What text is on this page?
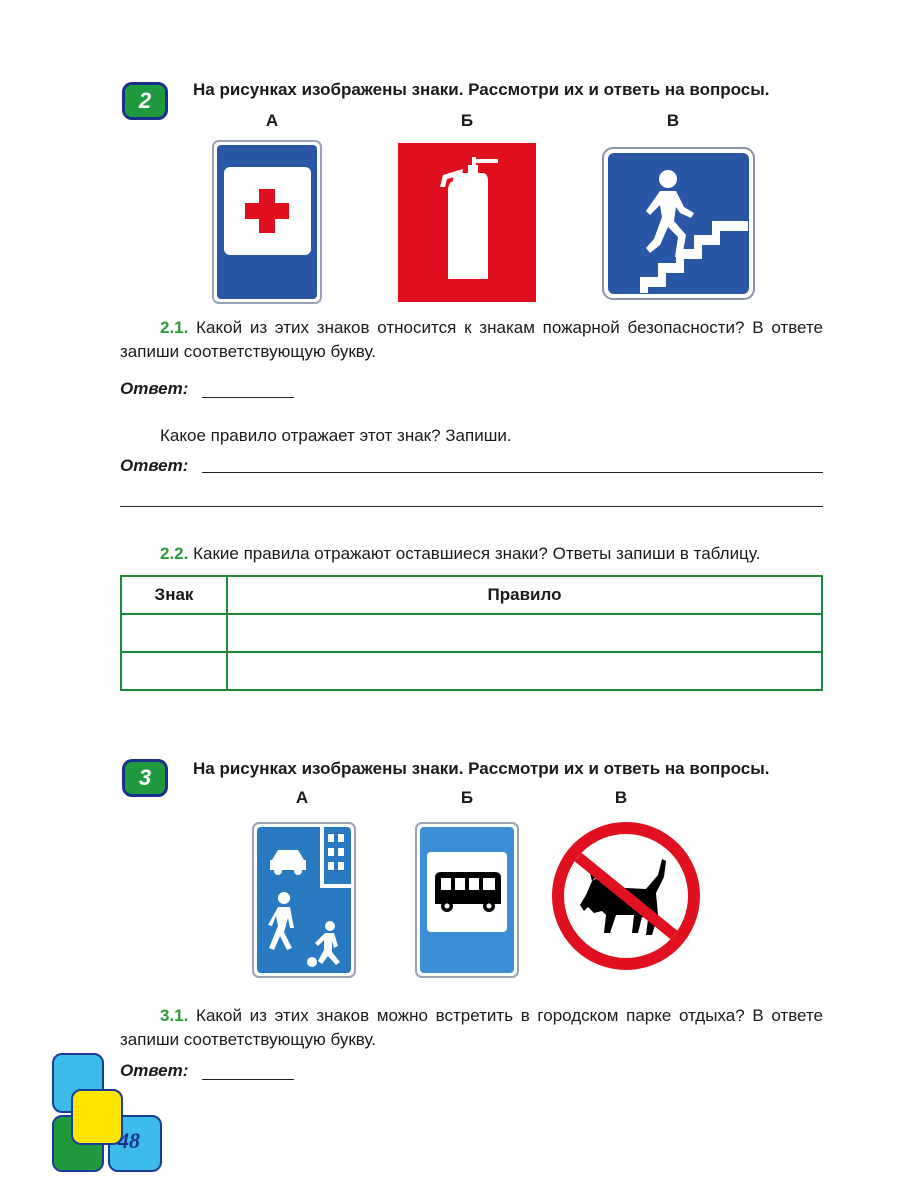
2	На рисунках изображены знаки. Рассмотри их и ответь на вопросы.
А	Б	В
2.1. Какой из этих знаков относится к знакам пожарной безопасности? В ответе запиши соответствующую букву.
Ответ:
Какое правило отражает этот знак? Запиши.
Ответ:
2.2. Какие правила отражают оставшиеся знаки? Ответы запиши в таблицу.
Знак	Правило

3	На рисунках изображены знаки. Рассмотри их и ответь на вопросы.
А	Б	В
3.1. Какой из этих знаков можно встретить в городском парке отдыха? В ответе запиши соответствующую букву.
Ответ:
48
